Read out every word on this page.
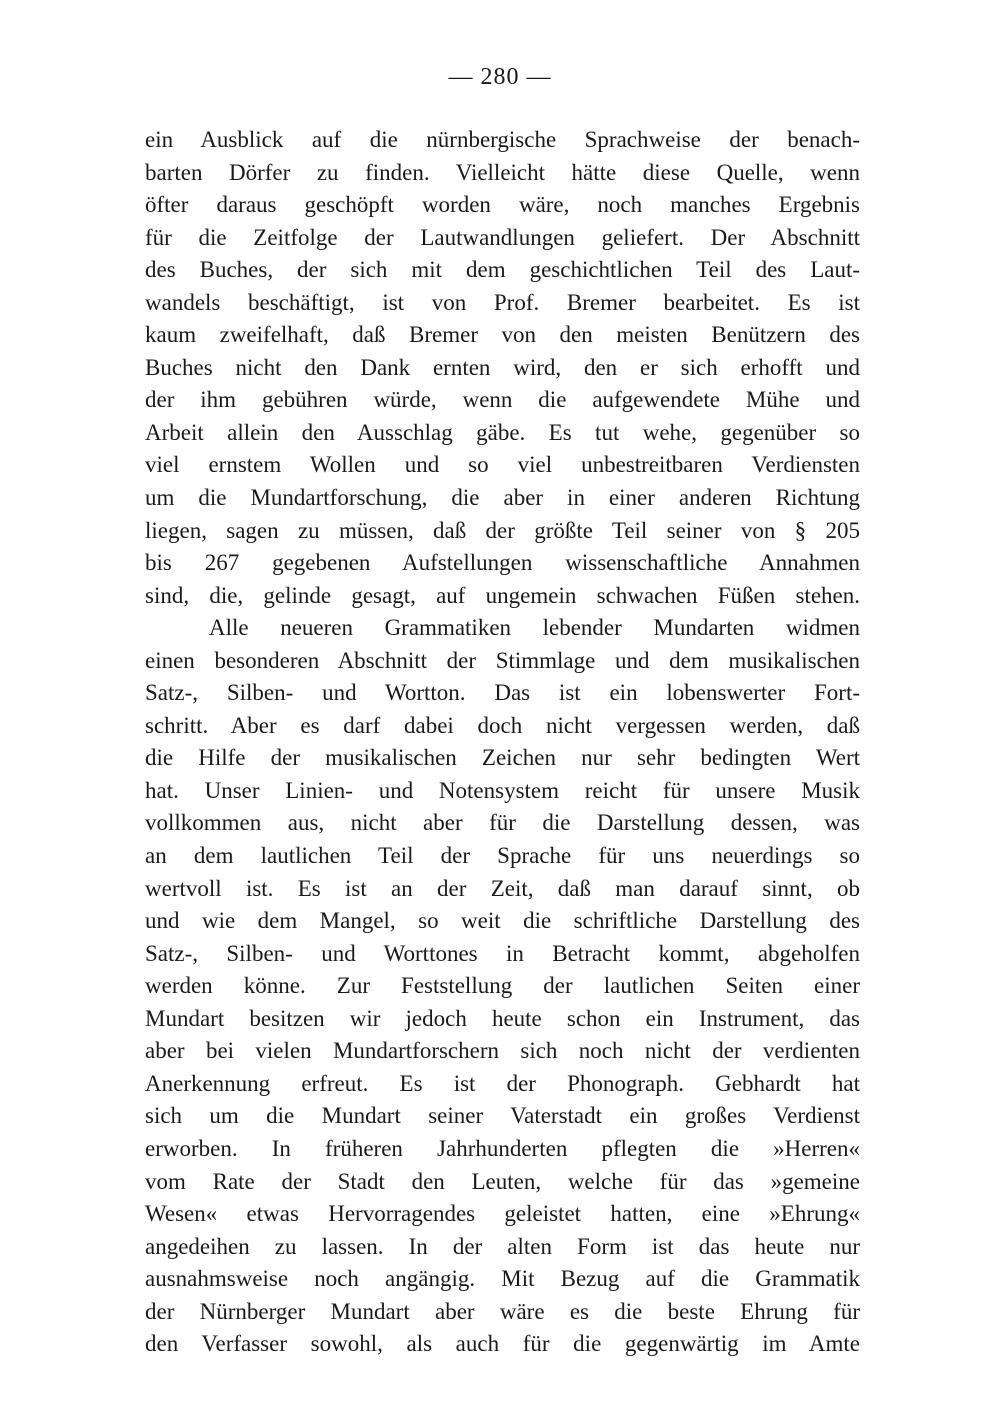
— 280 —
ein Ausblick auf die nürnbergische Sprachweise der benach-
barten Dörfer zu finden. Vielleicht hätte diese Quelle, wenn
öfter daraus geschöpft worden wäre, noch manches Ergebnis
für die Zeitfolge der Lautwandlungen geliefert. Der Abschnitt
des Buches, der sich mit dem geschichtlichen Teil des Laut-
wandels beschäftigt, ist von Prof. Bremer bearbeitet. Es ist
kaum zweifelhaft, daß Bremer von den meisten Benützern des
Buches nicht den Dank ernten wird, den er sich erhofft und
der ihm gebühren würde, wenn die aufgewendete Mühe und
Arbeit allein den Ausschlag gäbe. Es tut wehe, gegenüber so
viel ernstem Wollen und so viel unbestreitbaren Verdiensten
um die Mundartforschung, die aber in einer anderen Richtung
liegen, sagen zu müssen, daß der größte Teil seiner von § 205
bis 267 gegebenen Aufstellungen wissenschaftliche Annahmen
sind, die, gelinde gesagt, auf ungemein schwachen Füßen stehen.
Alle neueren Grammatiken lebender Mundarten widmen
einen besonderen Abschnitt der Stimmlage und dem musikalischen
Satz-, Silben- und Wortton. Das ist ein lobenswerter Fort-
schritt. Aber es darf dabei doch nicht vergessen werden, daß
die Hilfe der musikalischen Zeichen nur sehr bedingten Wert
hat. Unser Linien- und Notensystem reicht für unsere Musik
vollkommen aus, nicht aber für die Darstellung dessen, was
an dem lautlichen Teil der Sprache für uns neuerdings so
wertvoll ist. Es ist an der Zeit, daß man darauf sinnt, ob
und wie dem Mangel, so weit die schriftliche Darstellung des
Satz-, Silben- und Worttones in Betracht kommt, abgeholfen
werden könne. Zur Feststellung der lautlichen Seiten einer
Mundart besitzen wir jedoch heute schon ein Instrument, das
aber bei vielen Mundartforschern sich noch nicht der verdienten
Anerkennung erfreut. Es ist der Phonograph. Gebhardt hat
sich um die Mundart seiner Vaterstadt ein großes Verdienst
erworben. In früheren Jahrhunderten pflegten die »Herren«
vom Rate der Stadt den Leuten, welche für das »gemeine
Wesen« etwas Hervorragendes geleistet hatten, eine »Ehrung«
angedeihen zu lassen. In der alten Form ist das heute nur
ausnahmsweise noch angängig. Mit Bezug auf die Grammatik
der Nürnberger Mundart aber wäre es die beste Ehrung für
den Verfasser sowohl, als auch für die gegenwärtig im Amte
